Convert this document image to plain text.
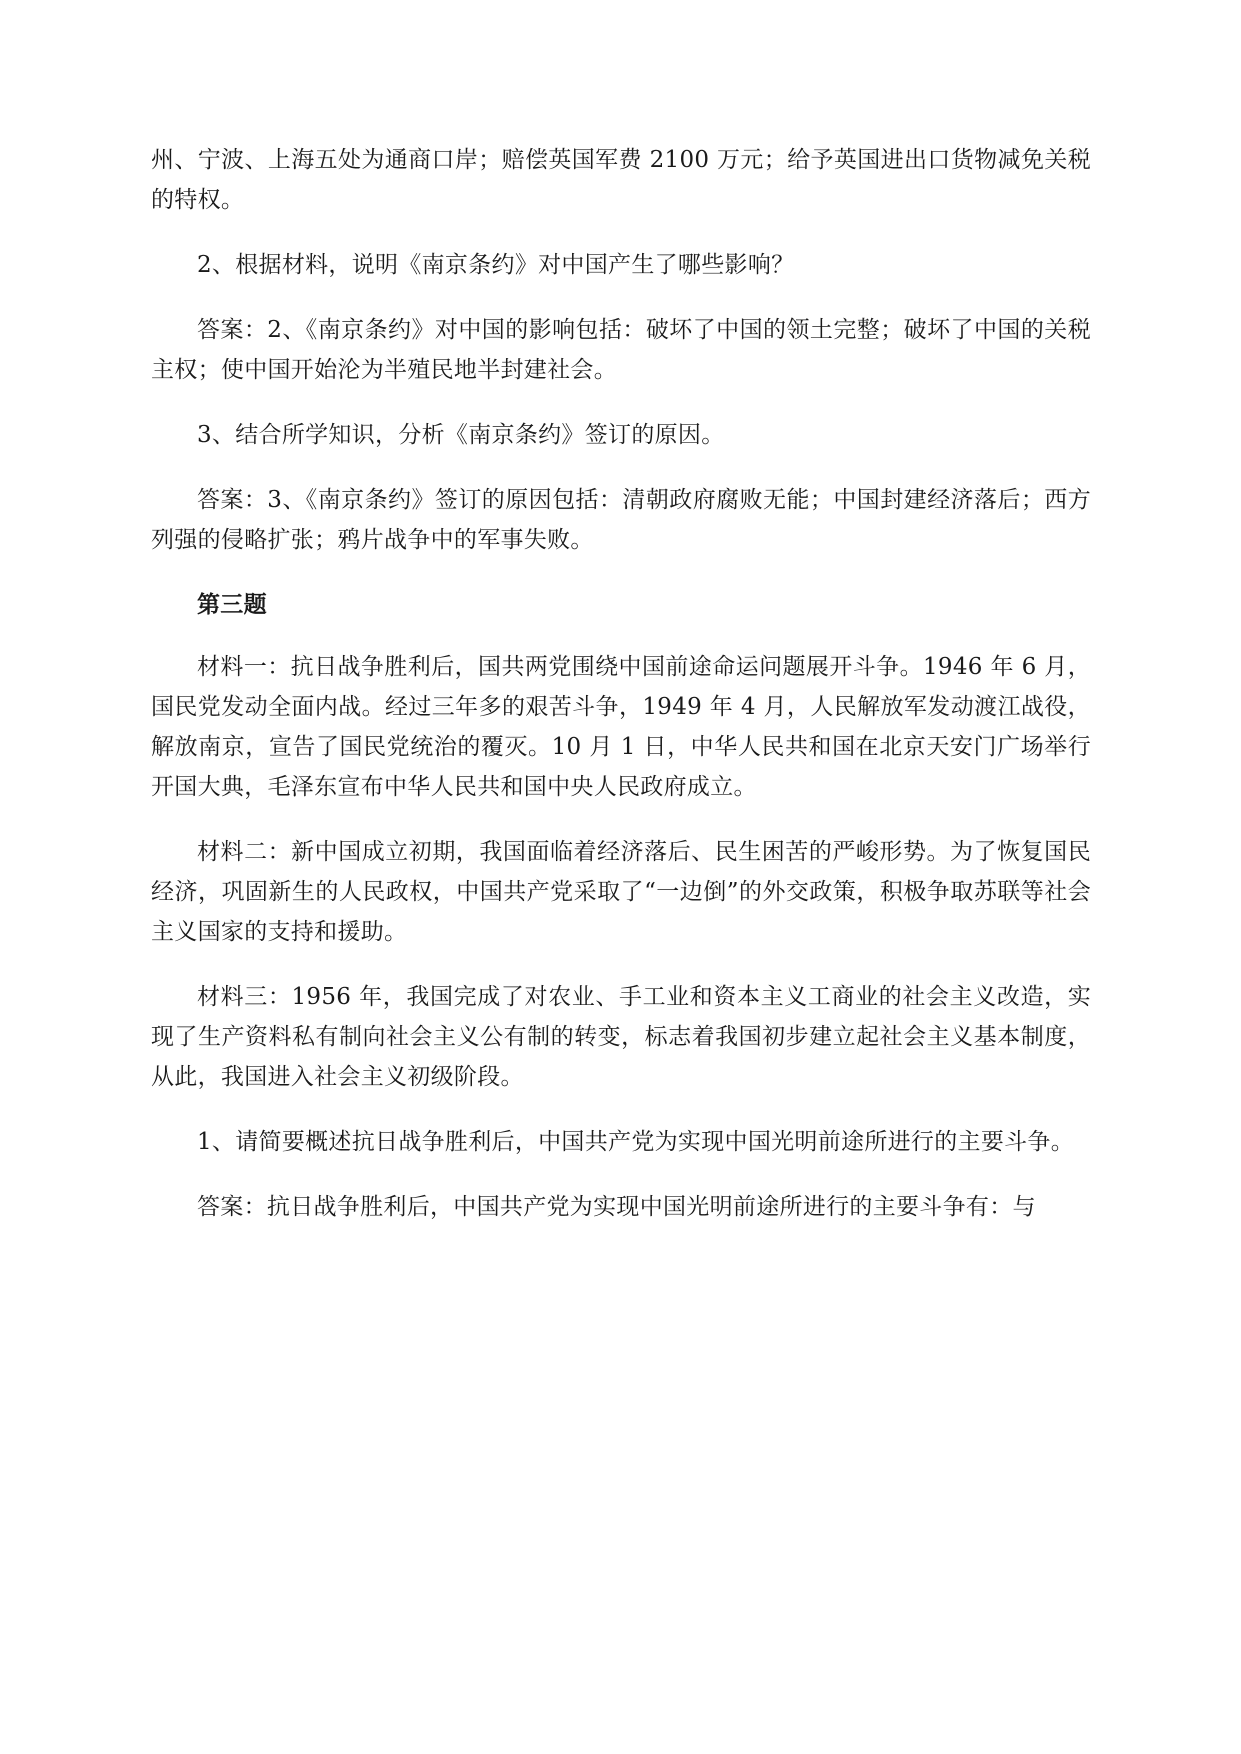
州、宁波、上海五处为通商口岸；赔偿英国军费 2100 万元；给予英国进出口货物减免关税的特权。

2、根据材料，说明《南京条约》对中国产生了哪些影响？

答案：2、《南京条约》对中国的影响包括：破坏了中国的领土完整；破坏了中国的关税主权；使中国开始沦为半殖民地半封建社会。

3、结合所学知识，分析《南京条约》签订的原因。

答案：3、《南京条约》签订的原因包括：清朝政府腐败无能；中国封建经济落后；西方列强的侵略扩张；鸦片战争中的军事失败。

第三题

材料一：抗日战争胜利后，国共两党围绕中国前途命运问题展开斗争。1946 年 6 月，国民党发动全面内战。经过三年多的艰苦斗争，1949 年 4 月，人民解放军发动渡江战役，解放南京，宣告了国民党统治的覆灭。10 月 1 日，中华人民共和国在北京天安门广场举行开国大典，毛泽东宣布中华人民共和国中央人民政府成立。

材料二：新中国成立初期，我国面临着经济落后、民生困苦的严峻形势。为了恢复国民经济，巩固新生的人民政权，中国共产党采取了“一边倒”的外交政策，积极争取苏联等社会主义国家的支持和援助。

材料三：1956 年，我国完成了对农业、手工业和资本主义工商业的社会主义改造，实现了生产资料私有制向社会主义公有制的转变，标志着我国初步建立起社会主义基本制度，从此，我国进入社会主义初级阶段。

1、请简要概述抗日战争胜利后，中国共产党为实现中国光明前途所进行的主要斗争。

答案：抗日战争胜利后，中国共产党为实现中国光明前途所进行的主要斗争有：与
